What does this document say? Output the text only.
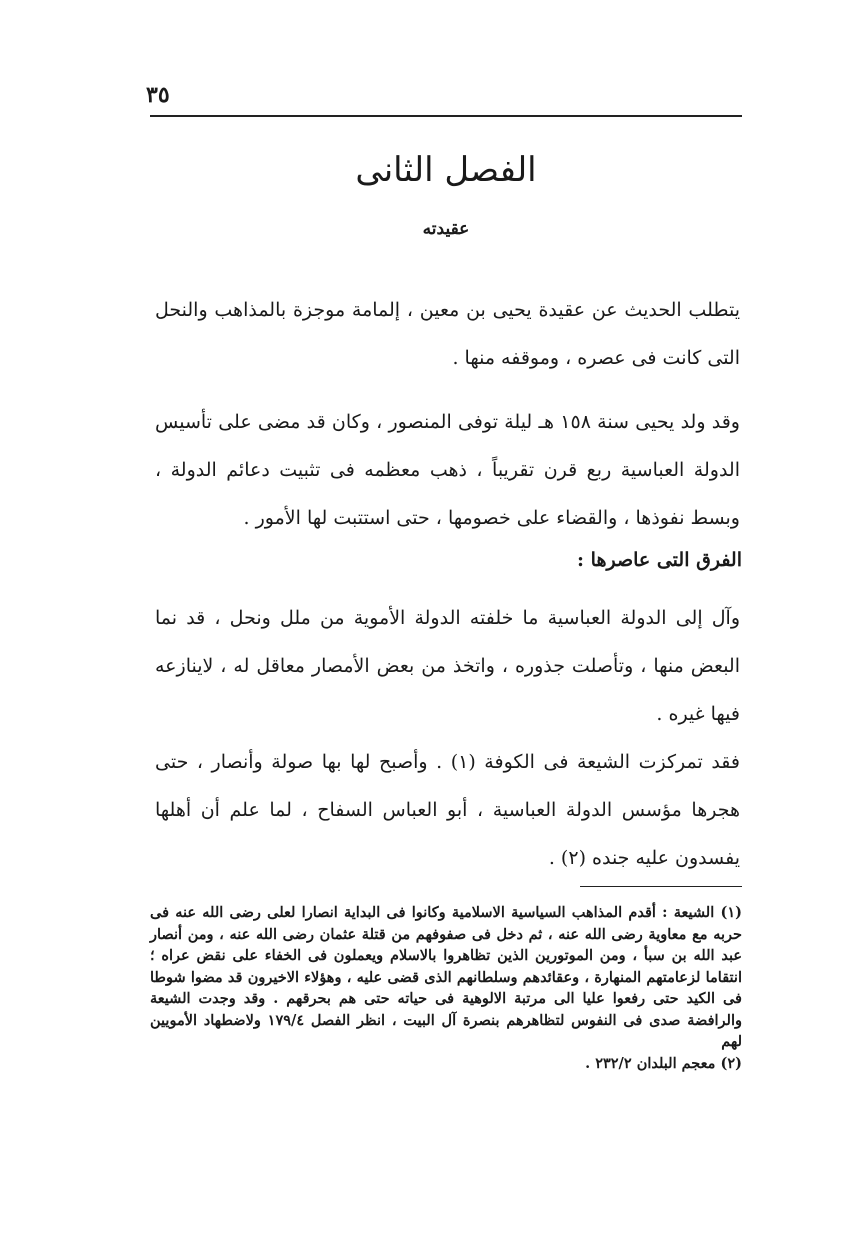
٣٥
الفصل الثانى
عقيدته

يتطلب الحديث عن عقيدة يحيى بن معين ، إلمامة موجزة بالمذاهب والنحل التى كانت فى عصره ، وموقفه منها .

وقد ولد يحيى سنة ١٥٨ هـ ليلة توفى المنصور ، وكان قد مضى على تأسيس الدولة العباسية ربع قرن تقريباً ، ذهب معظمه فى تثبيت دعائم الدولة ، وبسط نفوذها ، والقضاء على خصومها ، حتى استتبت لها الأمور .

الفرق التى عاصرها :

وآل إلى الدولة العباسية ما خلفته الدولة الأموية من ملل ونحل ، قد نما البعض منها ، وتأصلت جذوره ، واتخذ من بعض الأمصار معاقل له ، لاينازعه فيها غيره .

فقد تمركزت الشيعة فى الكوفة (١) . وأصبح لها بها صولة وأنصار ، حتى هجرها مؤسس الدولة العباسية ، أبو العباس السفاح ، لما علم أن أهلها يفسدون عليه جنده (٢) .

(١) الشيعة : أقدم المذاهب السياسية الاسلامية وكانوا فى البداية انصارا لعلى رضى الله عنه فى حربه مع معاوية رضى الله عنه ، ثم دخل فى صفوفهم من قتلة عثمان رضى الله عنه ، ومن أنصار عبد الله بن سبأ ، ومن الموتورين الذين تظاهروا بالاسلام ويعملون فى الخفاء على نقض عراه ؛ انتقاما لزعامتهم المنهارة ، وعقائدهم وسلطانهم الذى قضى عليه ، وهؤلاء الاخيرون قد مضوا شوطا فى الكيد حتى رفعوا عليا الى مرتبة الالوهية فى حياته حتى هم بحرقهم . وقد وجدت الشيعة والرافضة صدى فى النفوس لتظاهرهم بنصرة آل البيت ، انظر الفصل ١٧٩/٤ ولاضطهاد الأمويين لهم

(٢) معجم البلدان ٢٣٢/٢ .
